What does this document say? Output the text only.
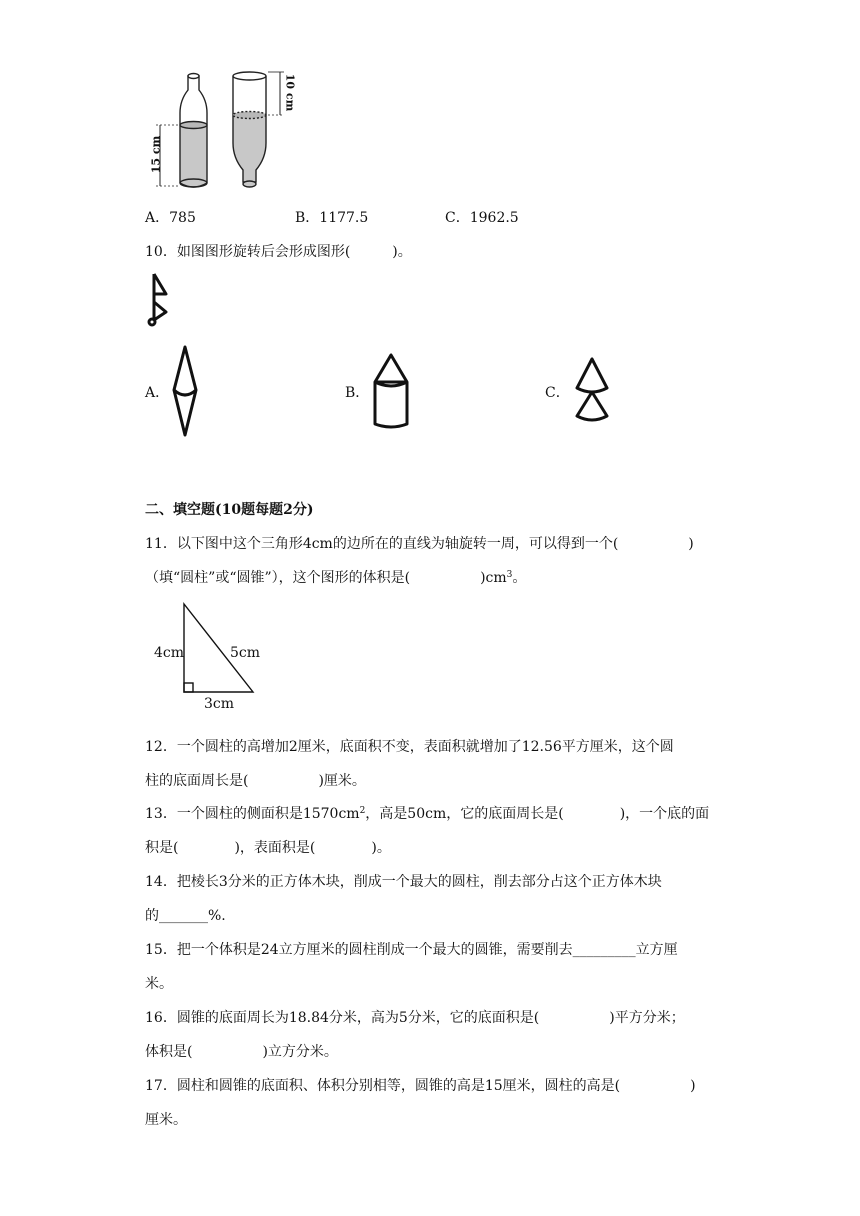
15 cm
10 cm
A．785	B．1177.5	C．1962.5
10．如图图形旋转后会形成图形(　　　)。
A．	B．	C．
二、填空题(10题每题2分)
11．以下图中这个三角形4cm的边所在的直线为轴旋转一周，可以得到一个(　　　　　)
（填“圆柱”或“圆锥”），这个图形的体积是(　　　　　)$cm^3$。
4cm	5cm
3cm
12．一个圆柱的高增加2厘米，底面积不变，表面积就增加了12.56平方厘米，这个圆
柱的底面周长是(　　　　　)厘米。
13．一个圆柱的侧面积是$1570cm^2$，高是50cm，它的底面周长是(　　　　)，一个底的面
积是(　　　　)，表面积是(　　　　)。
14．把棱长3分米的正方体木块，削成一个最大的圆柱，削去部分占这个正方体木块
的_______%.
15．把一个体积是24立方厘米的圆柱削成一个最大的圆锥，需要削去_________立方厘
米。
16．圆锥的底面周长为18.84分米，高为5分米，它的底面积是(　　　　　)平方分米；
体积是(　　　　　)立方分米。
17．圆柱和圆锥的底面积、体积分别相等，圆锥的高是15厘米，圆柱的高是(　　　　　)
厘米。
